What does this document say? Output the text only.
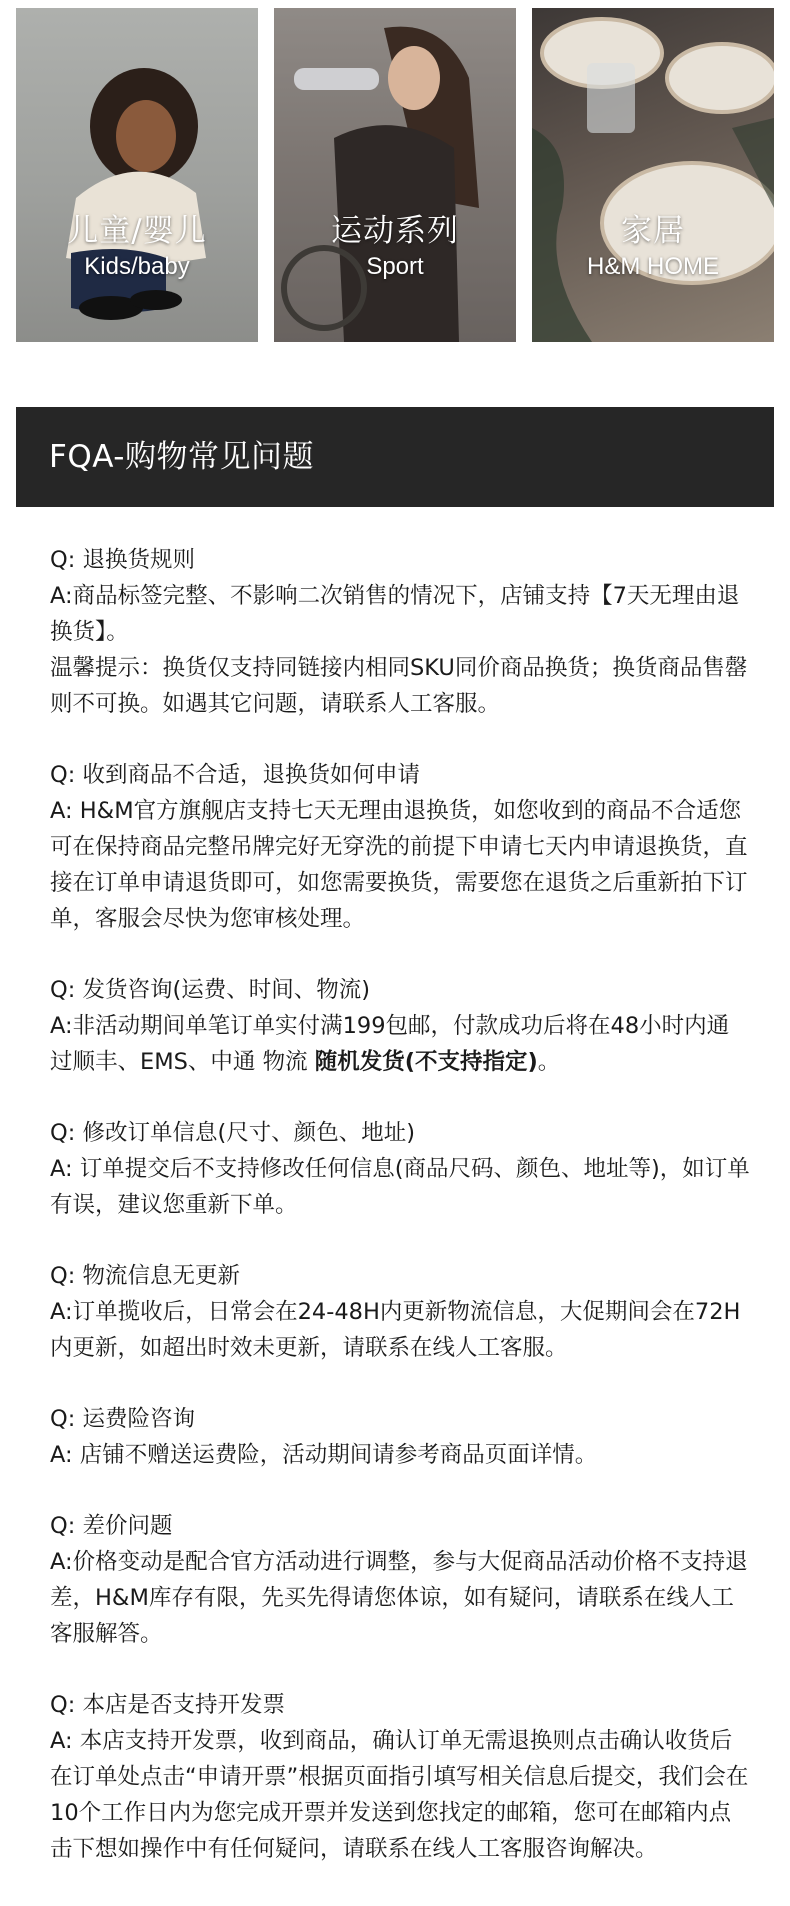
儿童/婴儿
Kids/baby
运动系列
Sport
家居
H&M HOME
FQA-购物常见问题

Q: 退换货规则

A:商品标签完整、不影响二次销售的情况下，店铺支持【7天无理由退换货】。

温馨提示：换货仅支持同链接内相同SKU同价商品换货；换货商品售罄则不可换。如遇其它问题，请联系人工客服。

Q: 收到商品不合适，退换货如何申请

A: H&M官方旗舰店支持七天无理由退换货，如您收到的商品不合适您可在保持商品完整吊牌完好无穿洗的前提下申请七天内申请退换货，直接在订单申请退货即可，如您需要换货，需要您在退货之后重新拍下订单，客服会尽快为您审核处理。

Q: 发货咨询(运费、时间、物流)

A:非活动期间单笔订单实付满199包邮，付款成功后将在48小时内通过顺丰、EMS、中通 物流 随机发货(不支持指定)。

Q: 修改订单信息(尺寸、颜色、地址)

A: 订单提交后不支持修改任何信息(商品尺码、颜色、地址等)，如订单有误，建议您重新下单。

Q: 物流信息无更新

A:订单揽收后，日常会在24-48H内更新物流信息，大促期间会在72H内更新，如超出时效未更新，请联系在线人工客服。

Q: 运费险咨询

A: 店铺不赠送运费险，活动期间请参考商品页面详情。

Q: 差价问题

A:价格变动是配合官方活动进行调整，参与大促商品活动价格不支持退差，H&M库存有限，先买先得请您体谅，如有疑问，请联系在线人工客服解答。

Q: 本店是否支持开发票

A: 本店支持开发票，收到商品，确认订单无需退换则点击确认收货后在订单处点击“申请开票”根据页面指引填写相关信息后提交，我们会在10个工作日内为您完成开票并发送到您找定的邮箱，您可在邮箱内点击下想如操作中有任何疑问，请联系在线人工客服咨询解决。
